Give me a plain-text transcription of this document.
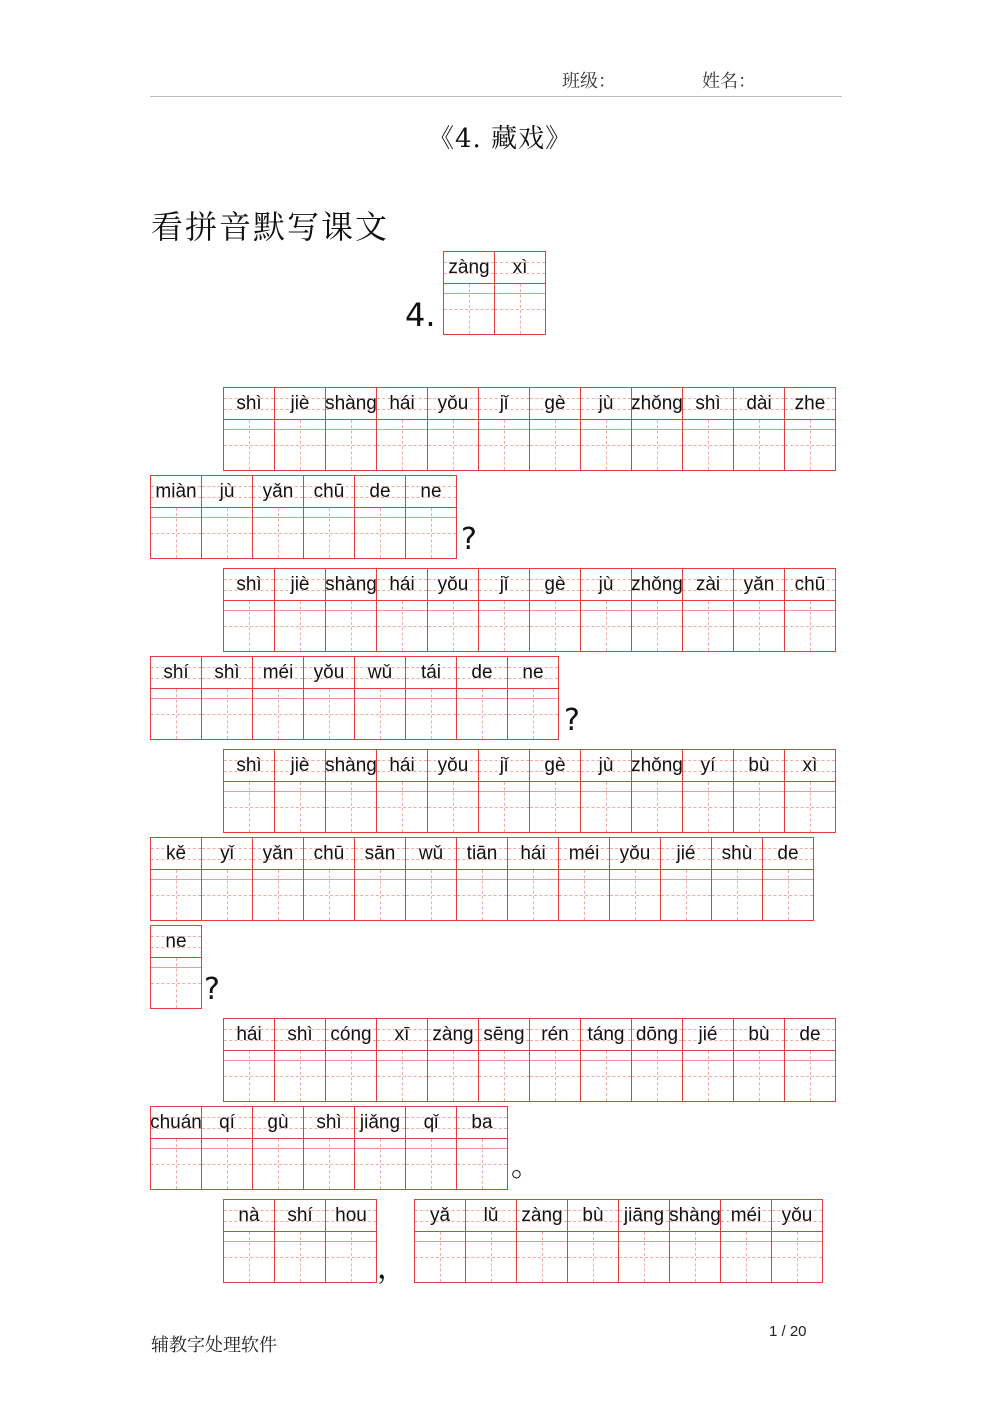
班级：	姓名：
《4. 藏戏》
看拼音默写课文
4.
zàng xì
shì jiè shàng hái yǒu jǐ gè jù zhǒng shì dài zhe
miàn jù yǎn chū de ne
?
shì jiè shàng hái yǒu jǐ gè jù zhǒng zài yǎn chū
shí shì méi yǒu wǔ tái de ne
?
shì jiè shàng hái yǒu jǐ gè jù zhǒng yí bù xì
kě yǐ yǎn chū sān wǔ tiān hái méi yǒu jié shù de
ne
?
hái shì cóng xī zàng sēng rén táng dōng jié bù de
chuán qí gù shì jiǎng qǐ ba
。
nà shí hou
，
yǎ lǔ zàng bù jiāng shàng méi yǒu
辅教字处理软件
1 / 20
